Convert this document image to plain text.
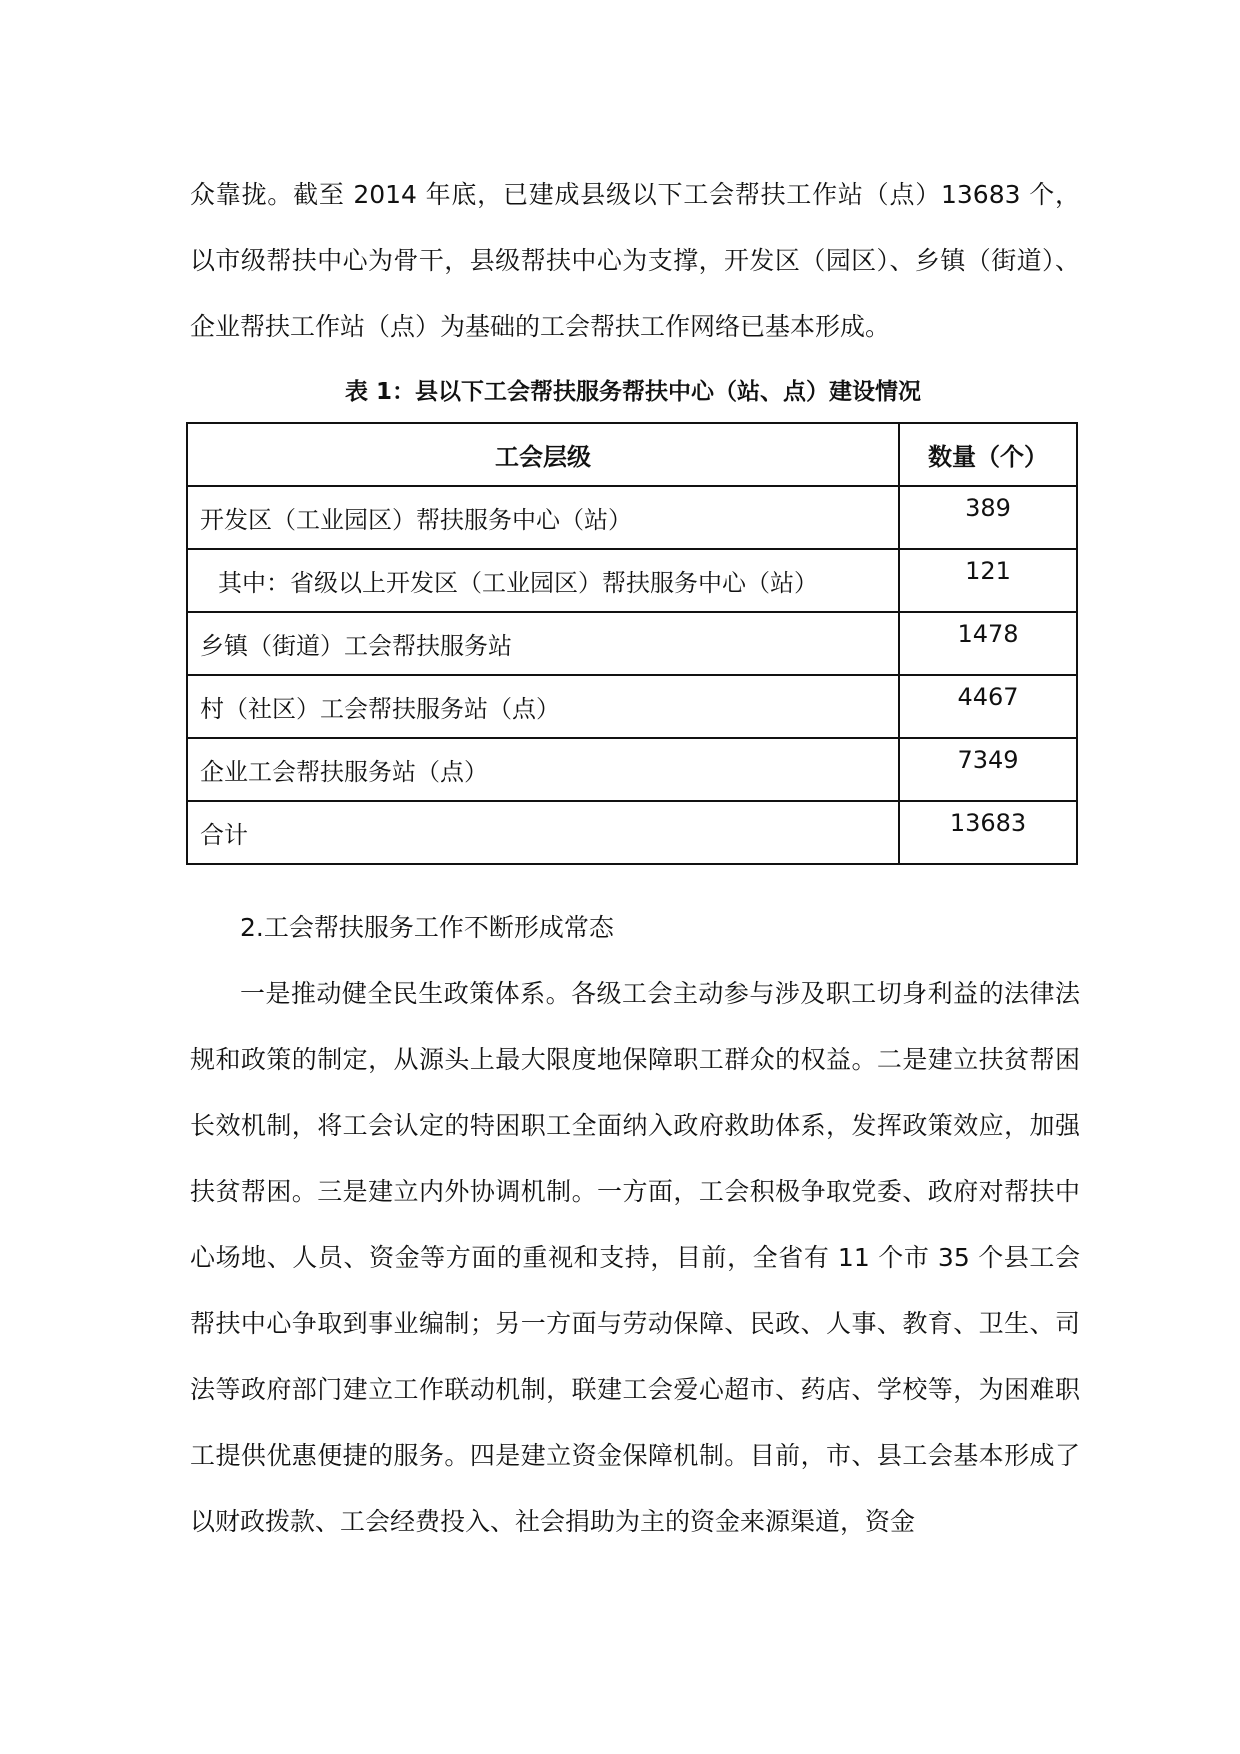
众靠拢。截至 2014 年底，已建成县级以下工会帮扶工作站（点）13683 个，以市级帮扶中心为骨干，县级帮扶中心为支撑，开发区（园区）、乡镇（街道）、企业帮扶工作站（点）为基础的工会帮扶工作网络已基本形成。

表 1：县以下工会帮扶服务帮扶中心（站、点）建设情况

工会层级	数量（个）
开发区（工业园区）帮扶服务中心（站）	389
其中：省级以上开发区（工业园区）帮扶服务中心（站）	121
乡镇（街道）工会帮扶服务站	1478
村（社区）工会帮扶服务站（点）	4467
企业工会帮扶服务站（点）	7349
合计	13683

2.工会帮扶服务工作不断形成常态

一是推动健全民生政策体系。各级工会主动参与涉及职工切身利益的法律法规和政策的制定，从源头上最大限度地保障职工群众的权益。二是建立扶贫帮困长效机制，将工会认定的特困职工全面纳入政府救助体系，发挥政策效应，加强扶贫帮困。三是建立内外协调机制。一方面，工会积极争取党委、政府对帮扶中心场地、人员、资金等方面的重视和支持，目前，全省有 11 个市 35 个县工会帮扶中心争取到事业编制；另一方面与劳动保障、民政、人事、教育、卫生、司法等政府部门建立工作联动机制，联建工会爱心超市、药店、学校等，为困难职工提供优惠便捷的服务。四是建立资金保障机制。目前，市、县工会基本形成了以财政拨款、工会经费投入、社会捐助为主的资金来源渠道，资金
